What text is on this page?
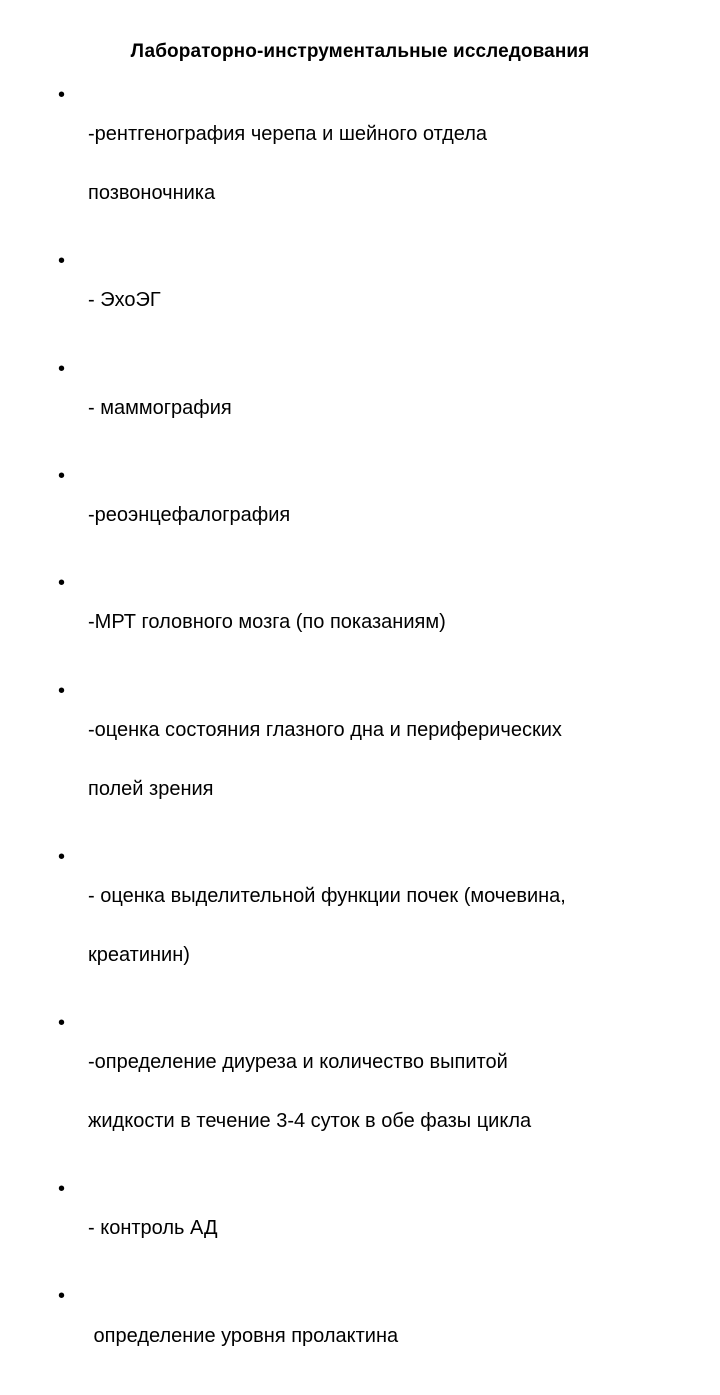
Лабораторно-инструментальные исследования
•

-рентгенография черепа и шейного отдела

позвоночника

•

- ЭхоЭГ

•

- маммография

•

-реоэнцефалография

•

-МРТ головного мозга (по показаниям)

•

-оценка состояния глазного дна и периферических

полей зрения

•

- оценка выделительной функции почек (мочевина,

креатинин)

•

-определение диуреза и количество выпитой

жидкости в течение 3-4 суток в обе фазы цикла

•

- контроль АД

•

определение уровня пролактина
